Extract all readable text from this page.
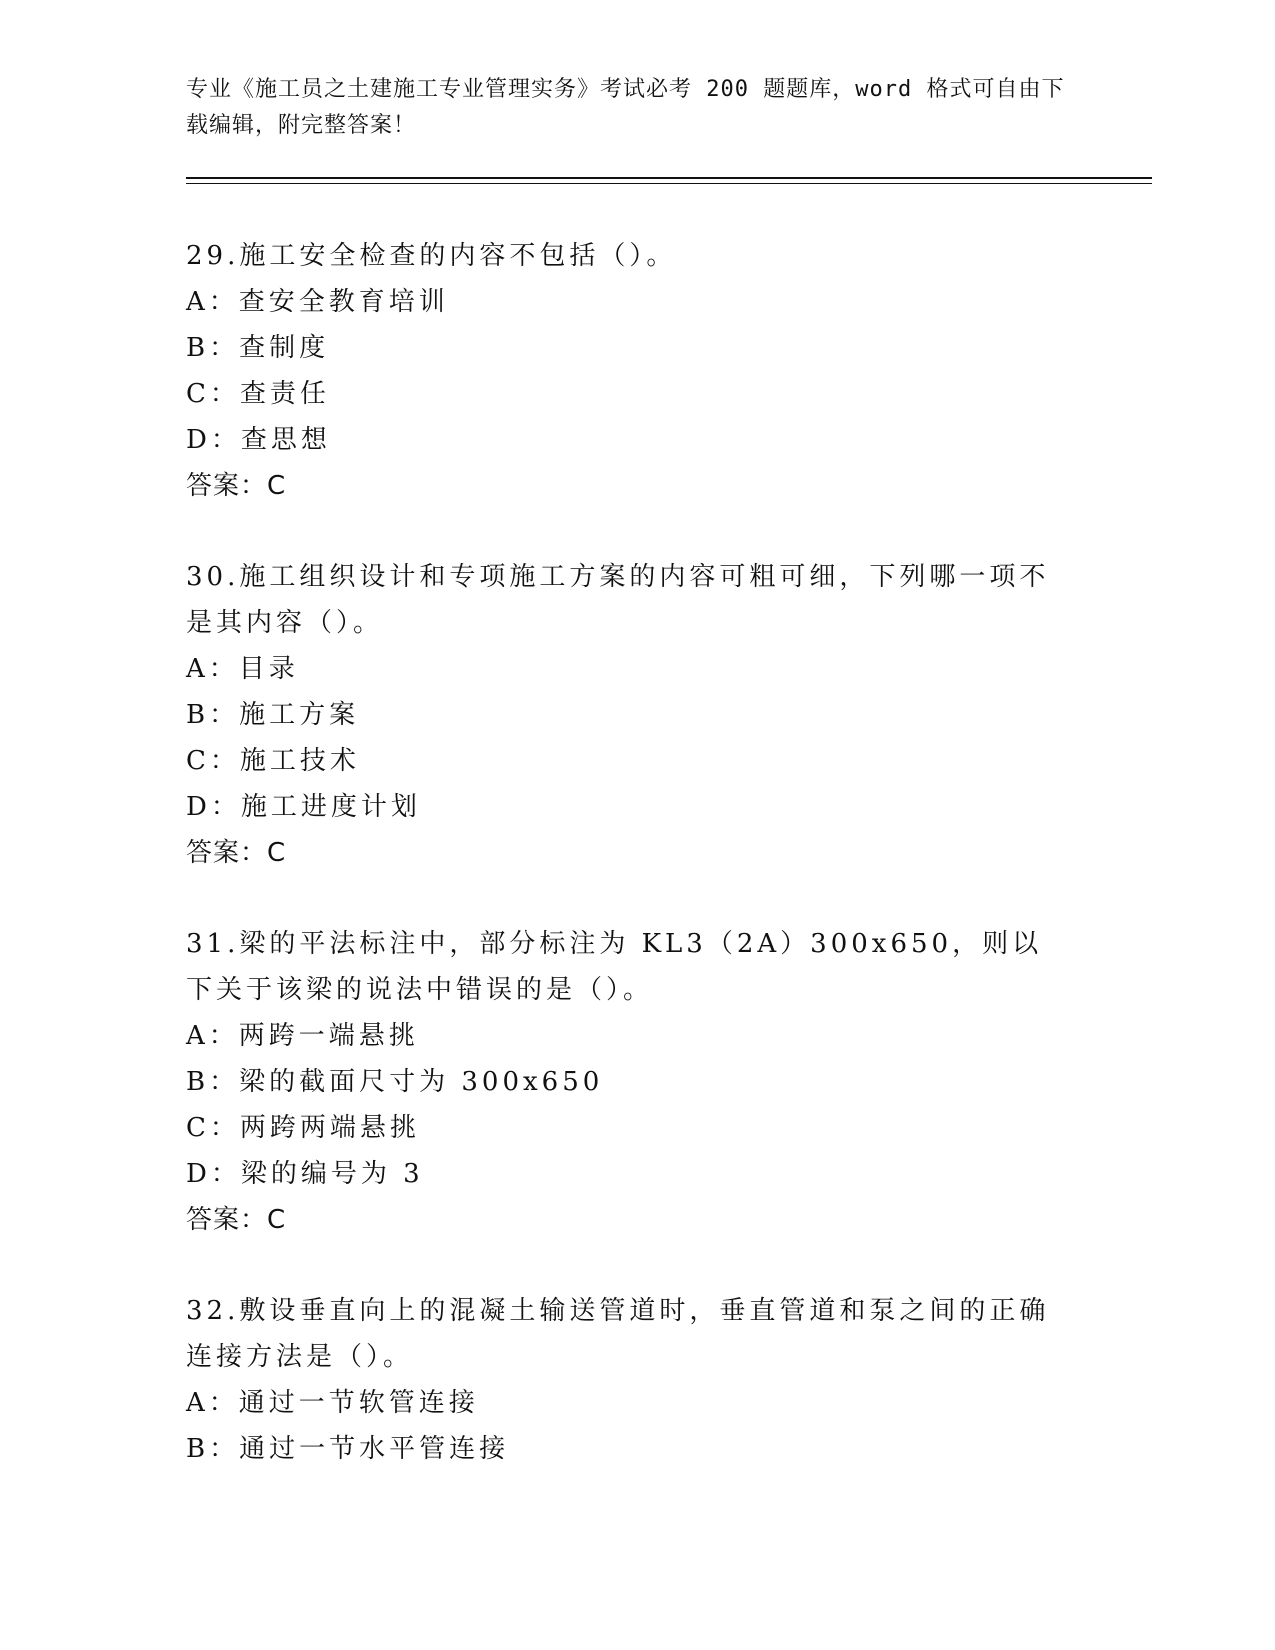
专业《施工员之土建施工专业管理实务》考试必考 200 题题库，word 格式可自由下载编辑，附完整答案！
29.施工安全检查的内容不包括（）。
A：查安全教育培训
B：查制度
C：查责任
D：查思想
答案：C
30.施工组织设计和专项施工方案的内容可粗可细，下列哪一项不是其内容（）。
A：目录
B：施工方案
C：施工技术
D：施工进度计划
答案：C
31.梁的平法标注中，部分标注为 KL3（2A）300x650，则以下关于该梁的说法中错误的是（）。
A：两跨一端悬挑
B：梁的截面尺寸为 300x650
C：两跨两端悬挑
D：梁的编号为 3
答案：C
32.敷设垂直向上的混凝土输送管道时，垂直管道和泵之间的正确连接方法是（）。
A：通过一节软管连接
B：通过一节水平管连接
